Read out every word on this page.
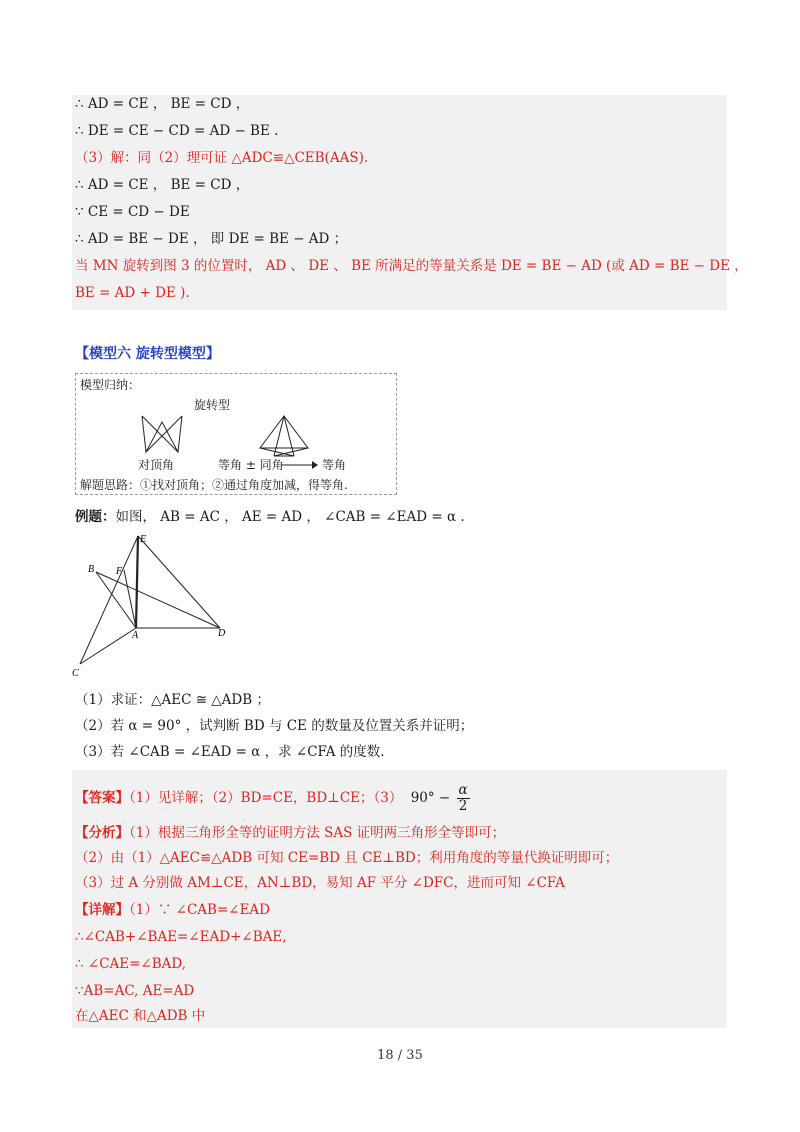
∴ AD = CE ， BE = CD ，
∴ DE = CE − CD = AD − BE .
（3）解：同（2）理可证 △ADC≌△CEB(AAS).
∴ AD = CE ， BE = CD ，
∵ CE = CD − DE
∴ AD = BE − DE ， 即 DE = BE − AD ；
当 MN 旋转到图 3 的位置时， AD 、 DE 、 BE 所满足的等量关系是 DE = BE − AD (或 AD = BE − DE ，
BE = AD + DE ).
【模型六 旋转型模型】
模型归纳：
旋转型
对顶角	等角 ± 同角	等角
解题思路：①找对顶角；②通过角度加减，得等角.
例题：如图， AB = AC ， AE = AD ， ∠CAB = ∠EAD = α .
E
B F
A	D
C
（1）求证：△AEC ≅ △ADB ；
（2）若 α = 90° ，试判断 BD 与 CE 的数量及位置关系并证明；
（3）若 ∠CAB = ∠EAD = α ，求 ∠CFA 的度数.
【答案】（1）见详解；（2）BD=CE，BD⊥CE；（3） $90^\circ - \frac{\alpha}{2}$
【分析】（1）根据三角形全等的证明方法 SAS 证明两三角形全等即可；
（2）由（1）△AEC≌△ADB 可知 CE=BD 且 CE⊥BD；利用角度的等量代换证明即可；
（3）过 A 分别做 AM⊥CE，AN⊥BD，易知 AF 平分 ∠DFC，进而可知 ∠CFA
【详解】（1）∵ ∠CAB=∠EAD
∴∠CAB+∠BAE=∠EAD+∠BAE,
∴ ∠CAE=∠BAD,
∵AB=AC, AE=AD
在△AEC 和△ADB 中
18 / 35
